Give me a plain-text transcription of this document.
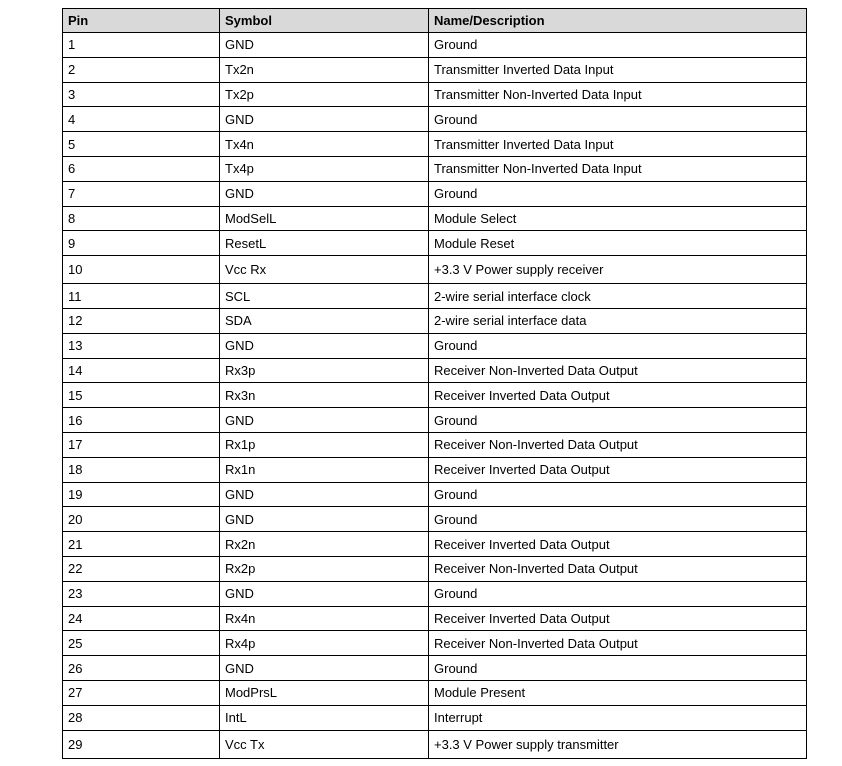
Pin	Symbol	Name/Description
1	GND	Ground
2	Tx2n	Transmitter Inverted Data Input
3	Tx2p	Transmitter Non-Inverted Data Input
4	GND	Ground
5	Tx4n	Transmitter Inverted Data Input
6	Tx4p	Transmitter Non-Inverted Data Input
7	GND	Ground
8	ModSelL	Module Select
9	ResetL	Module Reset
10	Vcc Rx	+3.3 V Power supply receiver
11	SCL	2-wire serial interface clock
12	SDA	2-wire serial interface data
13	GND	Ground
14	Rx3p	Receiver Non-Inverted Data Output
15	Rx3n	Receiver Inverted Data Output
16	GND	Ground
17	Rx1p	Receiver Non-Inverted Data Output
18	Rx1n	Receiver Inverted Data Output
19	GND	Ground
20	GND	Ground
21	Rx2n	Receiver Inverted Data Output
22	Rx2p	Receiver Non-Inverted Data Output
23	GND	Ground
24	Rx4n	Receiver Inverted Data Output
25	Rx4p	Receiver Non-Inverted Data Output
26	GND	Ground
27	ModPrsL	Module Present
28	IntL	Interrupt
29	Vcc Tx	+3.3 V Power supply transmitter
